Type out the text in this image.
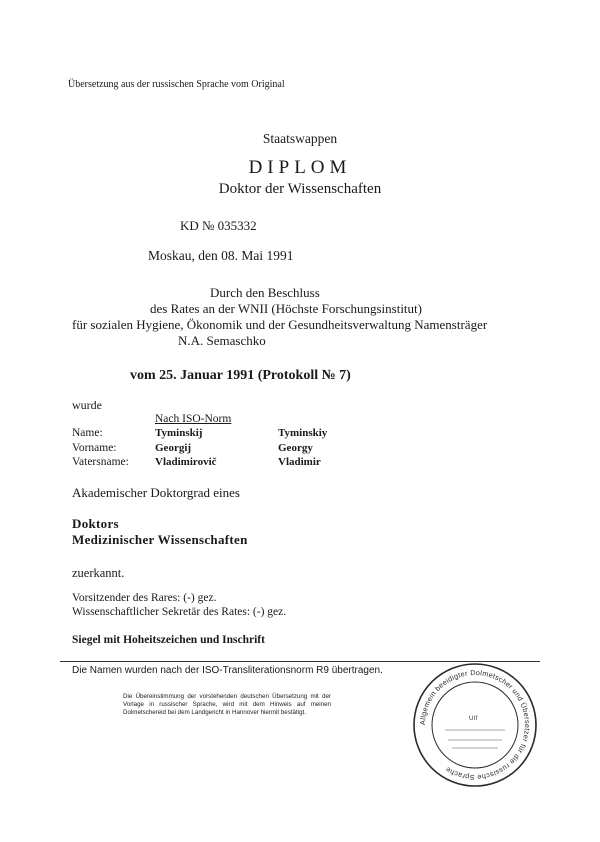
Übersetzung aus der russischen Sprache vom Original
Staatswappen
DIPLOM
Doktor der Wissenschaften
KD № 035332
Moskau, den 08. Mai 1991
Durch den Beschluss
des Rates an der WNII (Höchste Forschungsinstitut)
für sozialen Hygiene, Ökonomik und der Gesundheitsverwaltung Namensträger
N.A. Semaschko
vom 25. Januar 1991 (Protokoll № 7)
wurde
Nach ISO-Norm
Name:	Tyminskij	Tyminskiy
Vorname:	Georgij	Georgy
Vatersname: Vladimirovič	Vladimir
Akademischer Doktorgrad eines
Doktors
Medizinischer Wissenschaften
zuerkannt.
Vorsitzender des Rares: (-) gez.
Wissenschaftlicher Sekretär des Rates: (-) gez.
Siegel mit Hoheitszeichen und Inschrift
Die Namen wurden nach der ISO-Transliterationsnorm R9 übertragen.
Die Übereinstimmung der vorstehenden deutschen Übersetzung mit der Vorlage in russischer Sprache, wird mit dem Hinweis auf meinen Dolmetschereid bei dem Landgericht in Hannover hiermit bestätigt.
Allgemein beeidigter Dolmetscher und Übersetzer für die russische Sprache
Ulf
